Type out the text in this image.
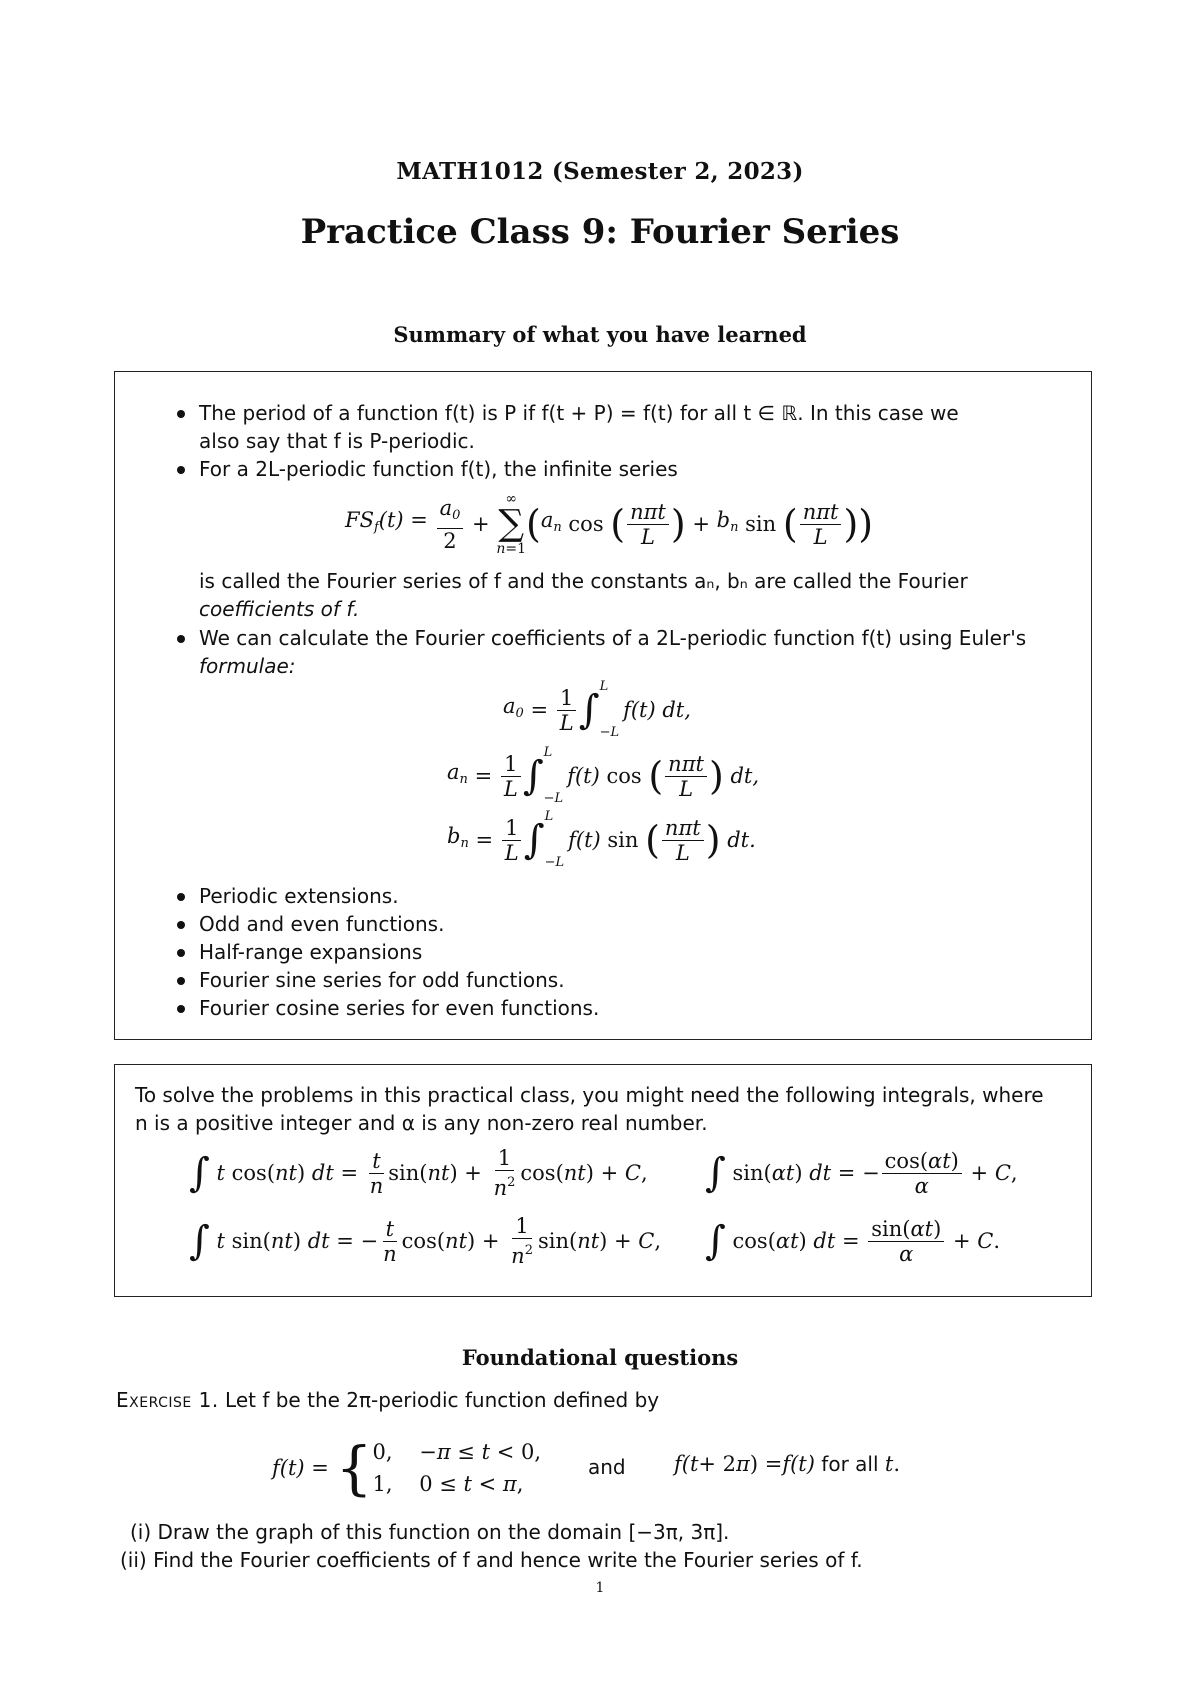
MATH1012 (Semester 2, 2023)
Practice Class 9: Fourier Series
Summary of what you have learned
The period of a function f(t) is P if f(t + P) = f(t) for all t ∈ ℝ. In this case we
also say that f is P-periodic.
For a 2L-periodic function f(t), the infinite series
$FS_f(t) = \frac{a_0}{2}$ +
∞
∑
n=1
( $a_n$ cos ( $\frac{\text{nπt}}{L}$ ) + $b_n$ sin ( $\frac{\text{nπt}}{L}$ ) )
is called the Fourier series of f and the constants aₙ, bₙ are called the Fourier
coefficients of f.
We can calculate the Fourier coefficients of a 2L-periodic function f(t) using Euler's
formulae:
$a_0 = \frac{1}{L}$ ∫
L
−L
f(t) dt,
$a_n = \frac{1}{L}$ ∫
L
−L
f(t) cos ( $\frac{\text{nπt}}{L}$ ) dt,
$b_n = \frac{1}{L}$ ∫
L
−L
f(t) sin ( $\frac{\text{nπt}}{L}$ ) dt.
Periodic extensions.
Odd and even functions.
Half-range expansions
Fourier sine series for odd functions.
Fourier cosine series for even functions.
To solve the problems in this practical class, you might need the following integrals, where
n is a positive integer and α is any non-zero real number.
∫ t cos( nt ) dt = $\frac{t}{n} \sin$( nt ) + $\frac{1}{n^2} \cos$( nt ) + C , ∫ sin( αt ) dt = − $\frac{\cos(\alpha t)}{\alpha} + C$ ,
∫ t sin( nt ) dt = − $\frac{t}{n} \cos$( nt ) + $\frac{1}{n^2} \sin$( nt ) + C , ∫ cos( αt ) dt = $\frac{\sin(\alpha t)}{\alpha} + C$ .
Foundational questions
Exercise 1. Let f be the 2π-periodic function defined by
f(t) = { 0,    −π ≤ t < 0,
1,    0 ≤ t < π,
and f(t + 2 π ) = f(t) for all t .
(i) Draw the graph of this function on the domain [−3π, 3π].
(ii) Find the Fourier coefficients of f and hence write the Fourier series of f.
1
